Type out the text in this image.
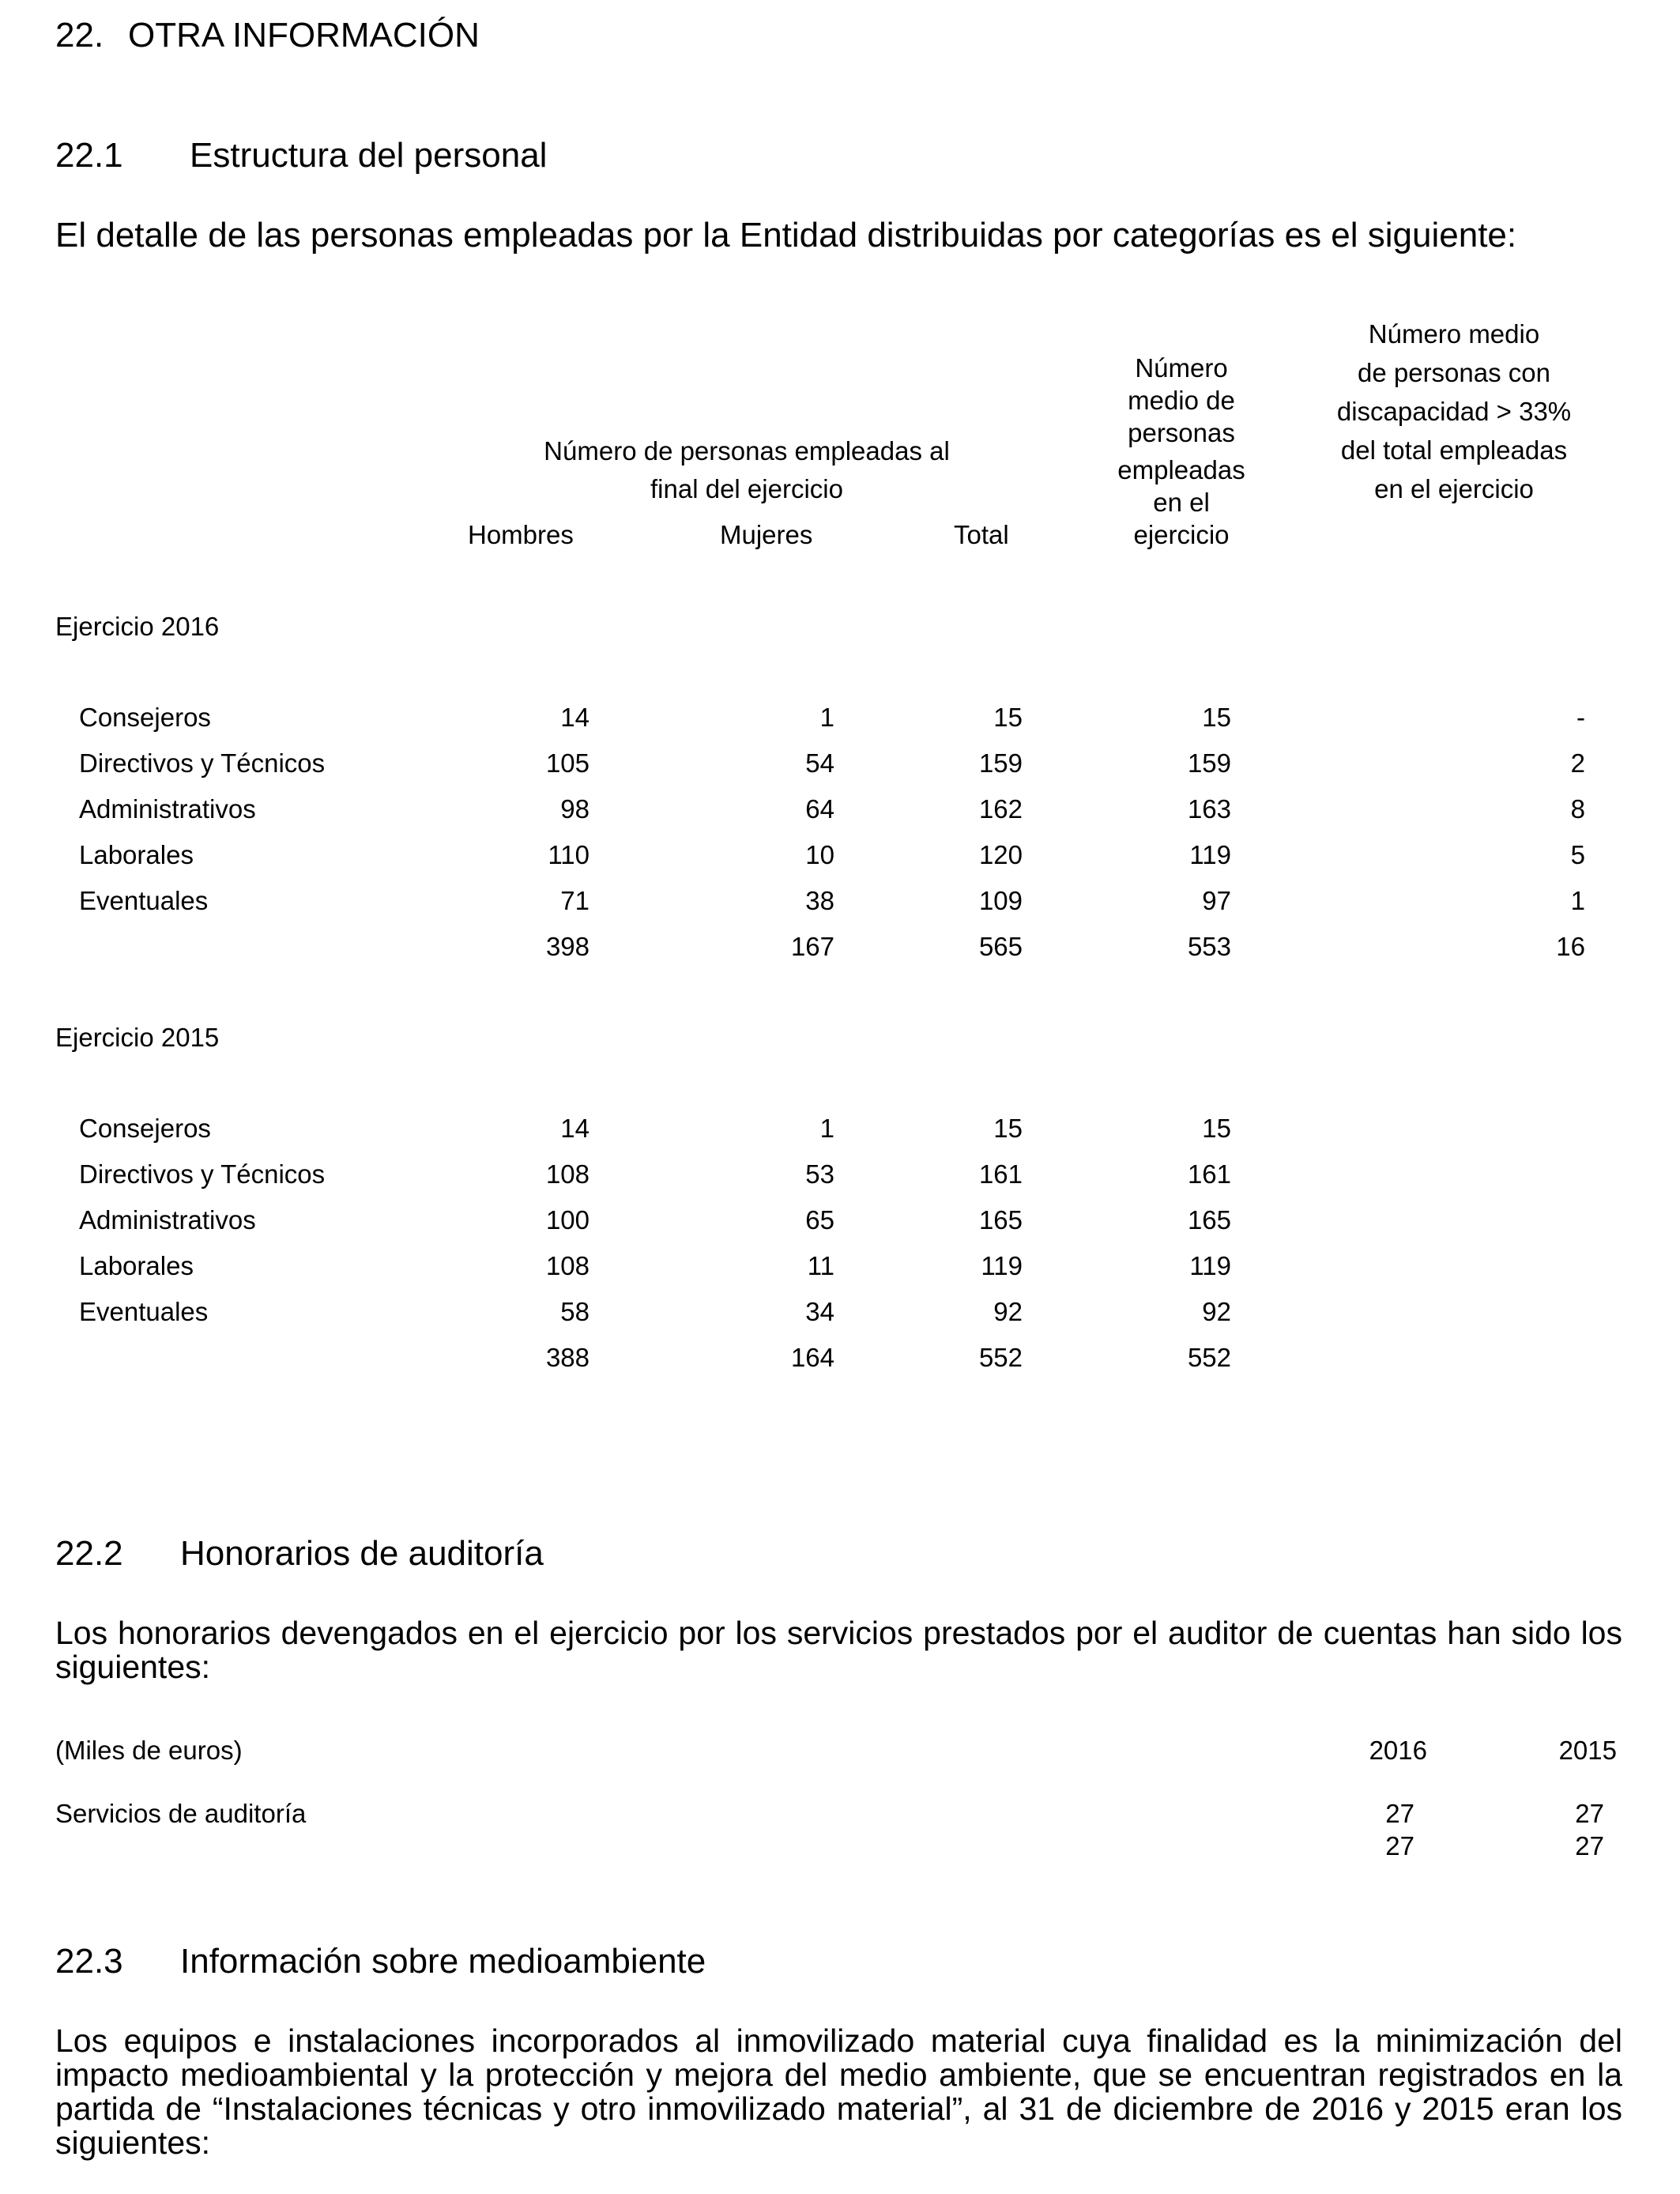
22. OTRA INFORMACIÓN
22.1 Estructura del personal
El detalle de las personas empleadas por la Entidad distribuidas por categorías es el siguiente:
Número de personas empleadas al
final del ejercicio
Hombres	Mujeres	Total
Número
medio de
personas
empleadas
en el
ejercicio
Número medio
de personas con
discapacidad > 33%
del total empleadas
en el ejercicio
Ejercicio 2016
Consejeros	14	1	15	15	-
Directivos y Técnicos	105	54	159	159	2
Administrativos	98	64	162	163	8
Laborales	110	10	120	119	5
Eventuales	71	38	109	97	1
398	167	565	553	16
Ejercicio 2015
Consejeros	14	1	15	15
Directivos y Técnicos	108	53	161	161
Administrativos	100	65	165	165
Laborales	108	11	119	119
Eventuales	58	34	92	92
388	164	552	552
22.2 Honorarios de auditoría
Los honorarios devengados en el ejercicio por los servicios prestados por el auditor de cuentas han sido los siguientes:
(Miles de euros)	2016	2015
Servicios de auditoría	27	27
27	27
22.3 Información sobre medioambiente
Los equipos e instalaciones incorporados al inmovilizado material cuya finalidad es la minimización del impacto medioambiental y la protección y mejora del medio ambiente, que se encuentran registrados en la partida de “Instalaciones técnicas y otro inmovilizado material”, al 31 de diciembre de 2016 y 2015 eran los siguientes:
